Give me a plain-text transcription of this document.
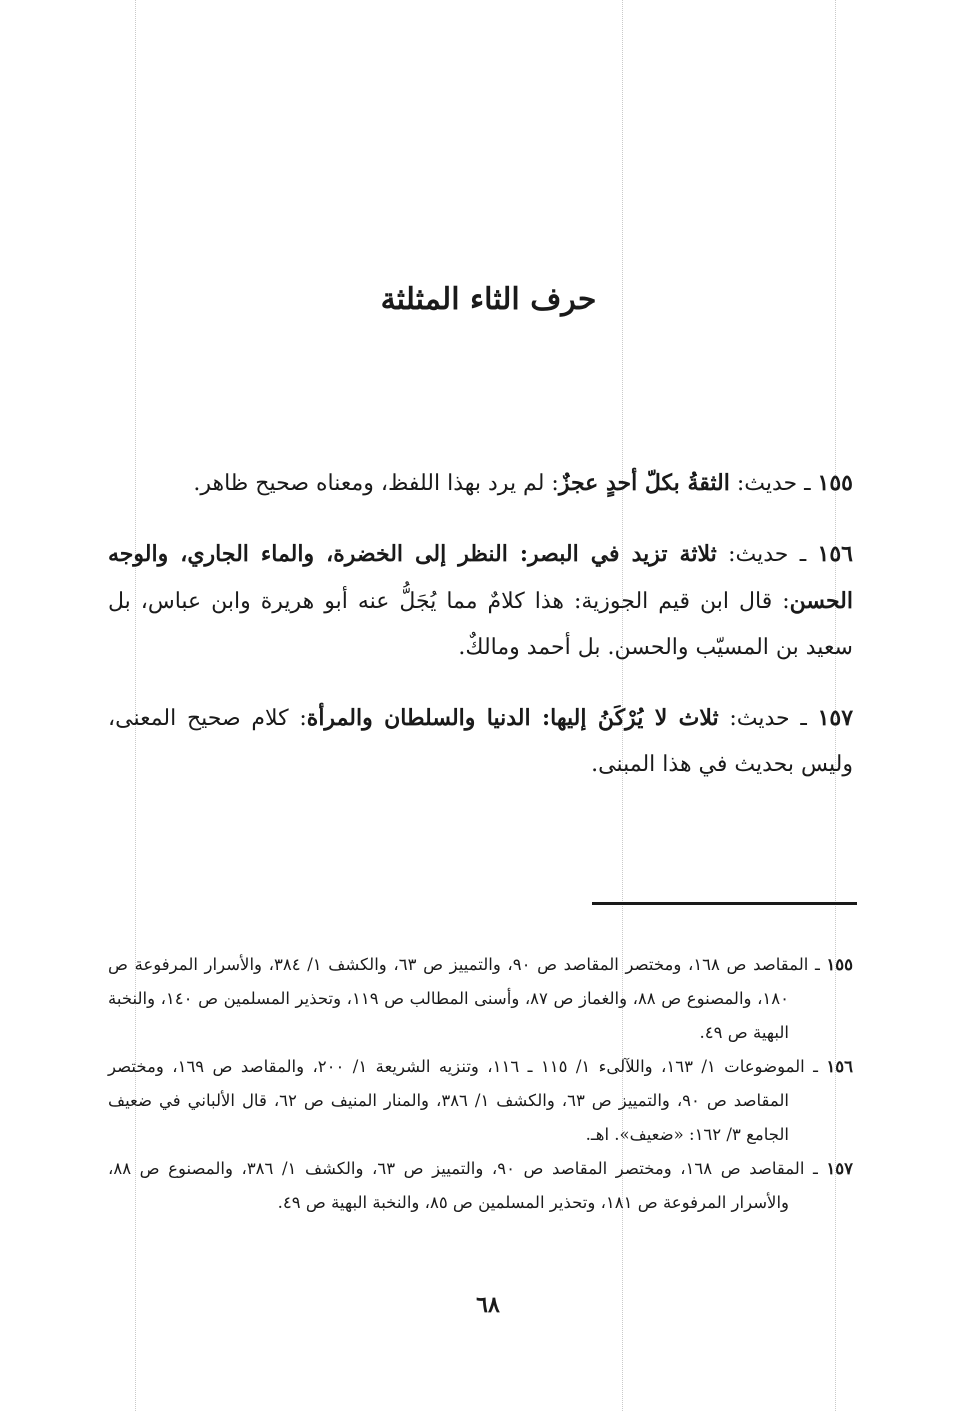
حرف الثاء المثلثة

١٥٥ ـ حديث: الثقةُ بكلّ أحدٍ عجزٌ: لم يرد بهذا اللفظ، ومعناه صحيح ظاهر.

١٥٦ ـ حديث: ثلاثة تزيد في البصر: النظر إلى الخضرة، والماء الجاري، والوجه الحسن: قال ابن قيم الجوزية: هذا كلامٌ مما يُجَلُّ عنه أبو هريرة وابن عباس، بل سعيد بن المسيّب والحسن. بل أحمد ومالكٌ.

١٥٧ ـ حديث: ثلاث لا يُرْكَنُ إليها: الدنيا والسلطان والمرأة: كلام صحيح المعنى، وليس بحديث في هذا المبنى.

١٥٥ ـ المقاصد ص ١٦٨، ومختصر المقاصد ص ٩٠، والتمييز ص ٦٣، والكشف ١/ ٣٨٤، والأسرار المرفوعة ص ١٨٠، والمصنوع ص ٨٨، والغماز ص ٨٧، وأسنى المطالب ص ١١٩، وتحذير المسلمين ص ١٤٠، والنخبة البهية ص ٤٩.
١٥٦ ـ الموضوعات ١/ ١٦٣، واللآلىء ١/ ١١٥ ـ ١١٦، وتنزيه الشريعة ١/ ٢٠٠، والمقاصد ص ١٦٩، ومختصر المقاصد ص ٩٠، والتمييز ص ٦٣، والكشف ١/ ٣٨٦، والمنار المنيف ص ٦٢، قال الألباني في ضعيف الجامع ٣/ ١٦٢: «ضعيف». اهـ.
١٥٧ ـ المقاصد ص ١٦٨، ومختصر المقاصد ص ٩٠، والتمييز ص ٦٣، والكشف ١/ ٣٨٦، والمصنوع ص ٨٨، والأسرار المرفوعة ص ١٨١، وتحذير المسلمين ص ٨٥، والنخبة البهية ص ٤٩.
٦٨
